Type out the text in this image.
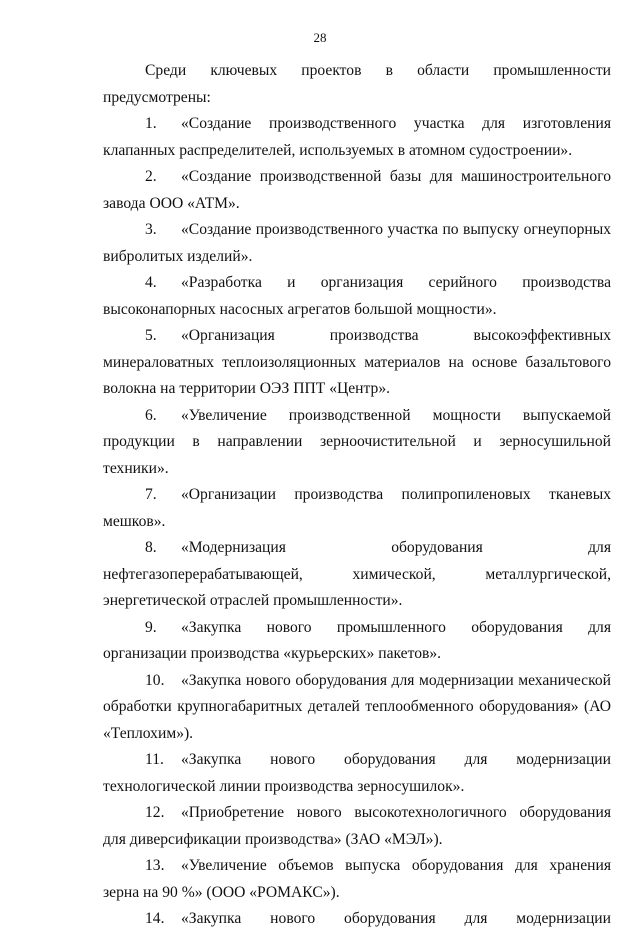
28

Среди ключевых проектов в области промышленности предусмотрены:

1. «Создание производственного участка для изготовления клапанных распределителей, используемых в атомном судостроении».

2. «Создание производственной базы для машиностроительного завода ООО «АТМ».

3. «Создание производственного участка по выпуску огнеупорных вибролитых изделий».

4. «Разработка и организация серийного производства высоконапорных насосных агрегатов большой мощности».

5. «Организация производства высокоэффективных минераловатных теплоизоляционных материалов на основе базальтового волокна на территории ОЭЗ ППТ «Центр».

6. «Увеличение производственной мощности выпускаемой продукции в направлении зерноочистительной и зерносушильной техники».

7. «Организации производства полипропиленовых тканевых мешков».

8. «Модернизация оборудования для нефтегазоперерабатывающей, химической, металлургической, энергетической отраслей промышленности».

9. «Закупка нового промышленного оборудования для организации производства «курьерских» пакетов».

10. «Закупка нового оборудования для модернизации механической обработки крупногабаритных деталей теплообменного оборудования» (АО «Теплохим»).

11. «Закупка нового оборудования для модернизации технологической линии производства зерносушилок».

12. «Приобретение нового высокотехнологичного оборудования для диверсификации производства» (ЗАО «МЭЛ»).

13. «Увеличение объемов выпуска оборудования для хранения зерна на 90 %» (ООО «РОМАКС»).

14. «Закупка нового оборудования для модернизации
